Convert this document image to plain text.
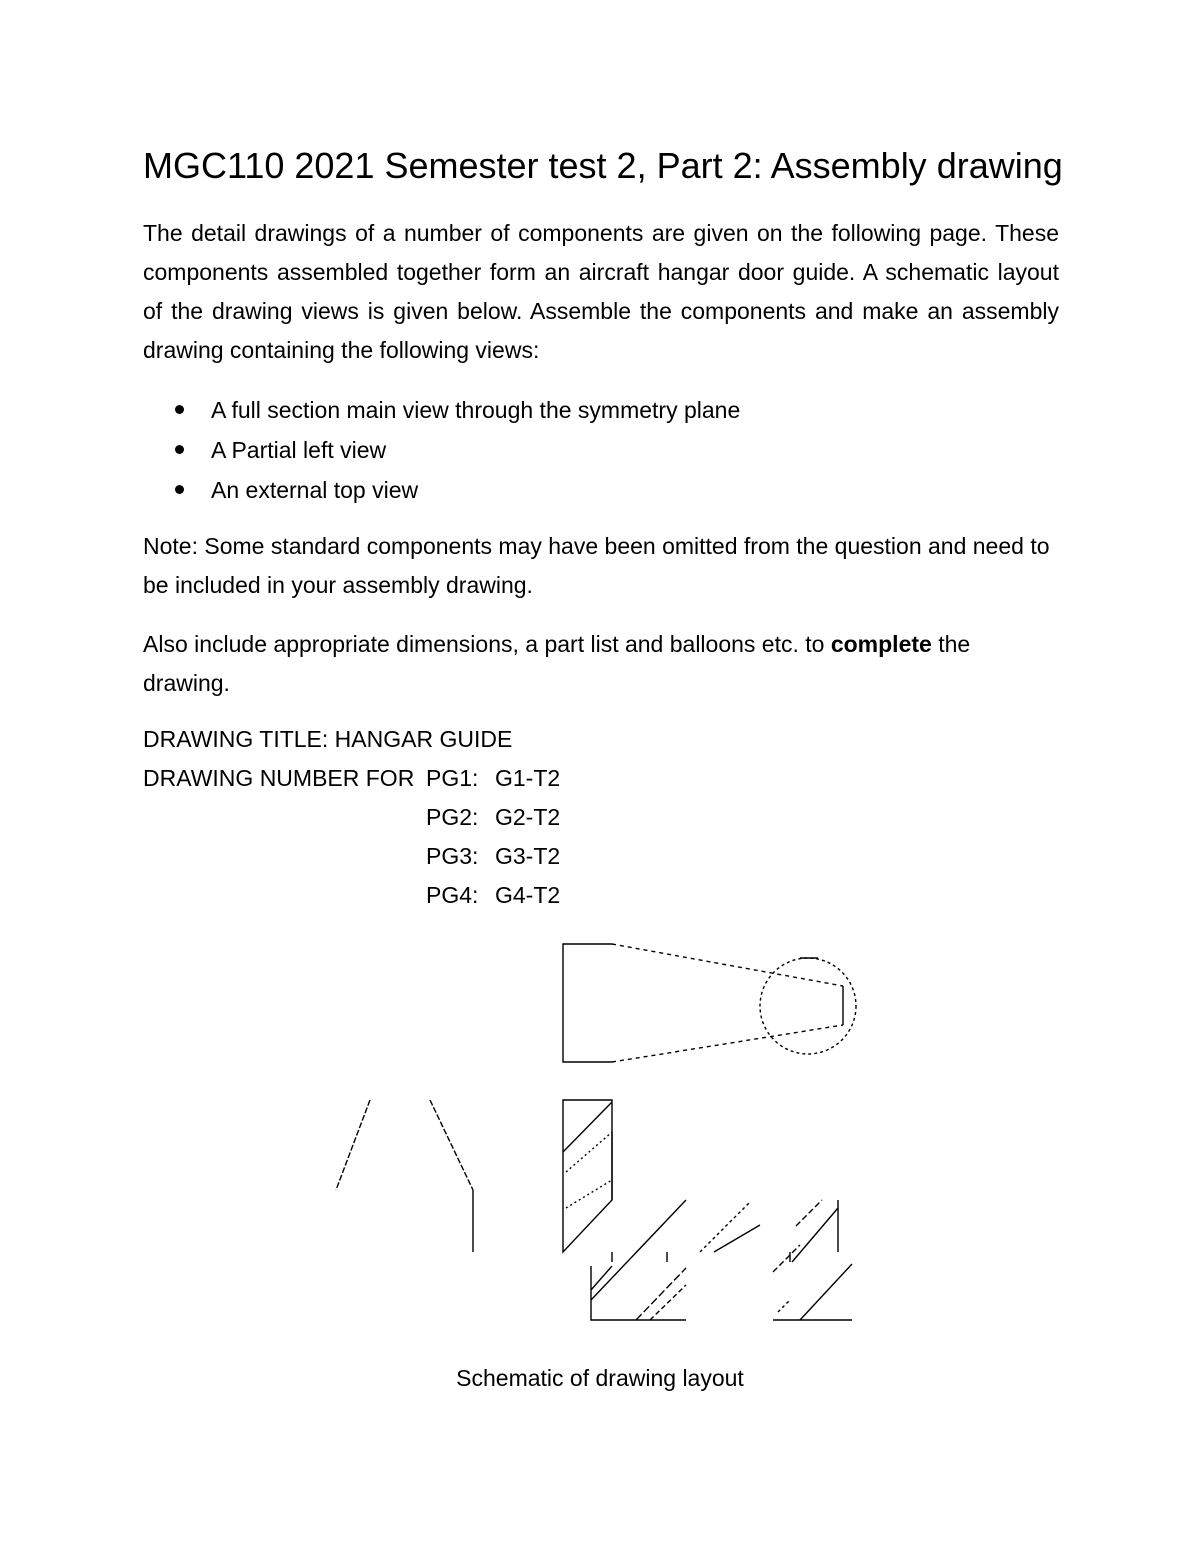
MGC110 2021 Semester test 2, Part 2: Assembly drawing

The detail drawings of a number of components are given on the following page. These components assembled together form an aircraft hangar door guide. A schematic layout of the drawing views is given below. Assemble the components and make an assembly drawing containing the following views:

A full section main view through the symmetry plane
A Partial left view
An external top view

Note: Some standard components may have been omitted from the question and need to be included in your assembly drawing.

Also include appropriate dimensions, a part list and balloons etc. to complete the drawing.

DRAWING TITLE: HANGAR GUIDE
DRAWING NUMBER FOR PG1: G1-T2
PG2: G2-T2
PG3: G3-T2
PG4: G4-T2
Schematic of drawing layout
